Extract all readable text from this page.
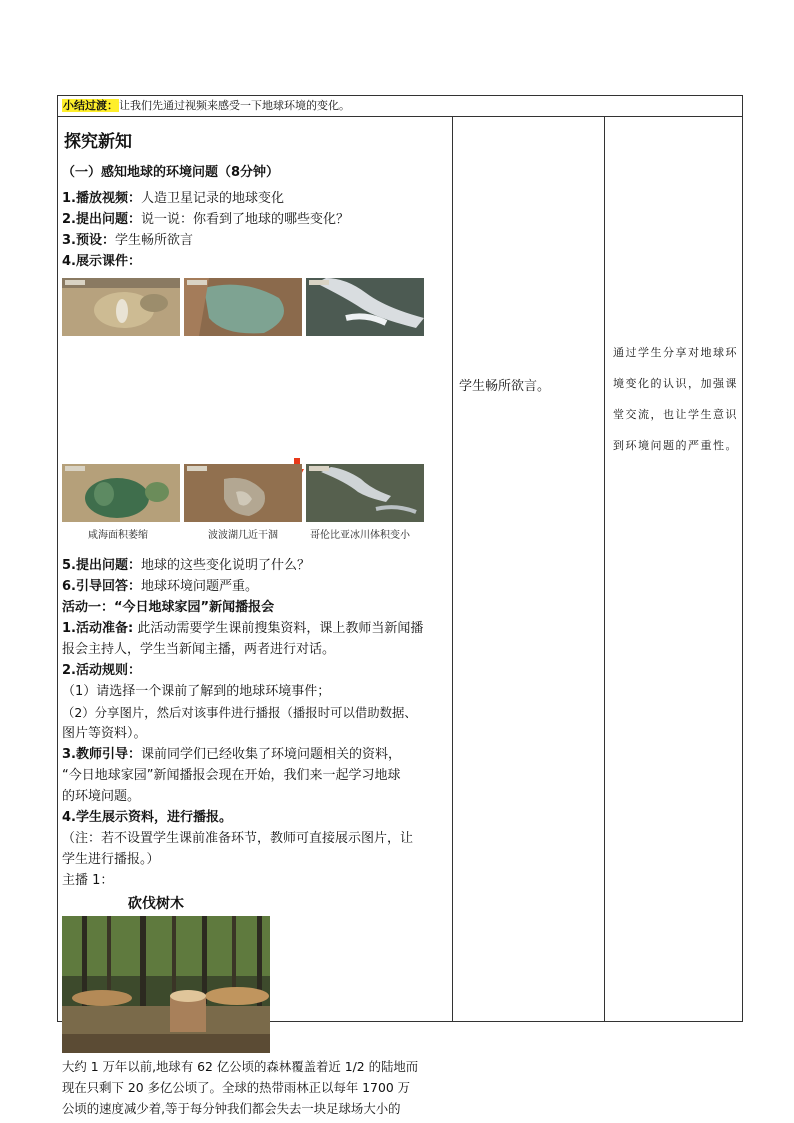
小结过渡：让我们先通过视频来感受一下地球环境的变化。
探究新知
（一）感知地球的环境问题（8分钟）
1.播放视频：人造卫星记录的地球变化
2.提出问题：说一说：你看到了地球的哪些变化？
3.预设：学生畅所欲言
4.展示课件：
咸海面积萎缩	波波湖几近干涸	哥伦比亚冰川体积变小
5.提出问题：地球的这些变化说明了什么？
6.引导回答：地球环境问题严重。
活动一：“今日地球家园”新闻播报会
1.活动准备: 此活动需要学生课前搜集资料，课上教师当新闻播
报会主持人，学生当新闻主播，两者进行对话。
2.活动规则：
（1）请选择一个课前了解到的地球环境事件；
（2）分享图片，然后对该事件进行播报（播报时可以借助数据、
图片等资料）。
3.教师引导：课前同学们已经收集了环境问题相关的资料，
“今日地球家园”新闻播报会现在开始，我们来一起学习地球
的环境问题。
4.学生展示资料，进行播报。
（注：若不设置学生课前准备环节，教师可直接展示图片，让
学生进行播报。）
主播 1：
砍伐树木
大约 1 万年以前,地球有 62 亿公顷的森林覆盖着近 1/2 的陆地而
现在只剩下 20 多亿公顷了。全球的热带雨林正以每年 1700 万
公顷的速度减少着,等于每分钟我们都会失去一块足球场大小的
学生畅所欲言。
通过学生分享对地球环境变化的认识，加强课堂交流，也让学生意识到环境问题的严重性。
